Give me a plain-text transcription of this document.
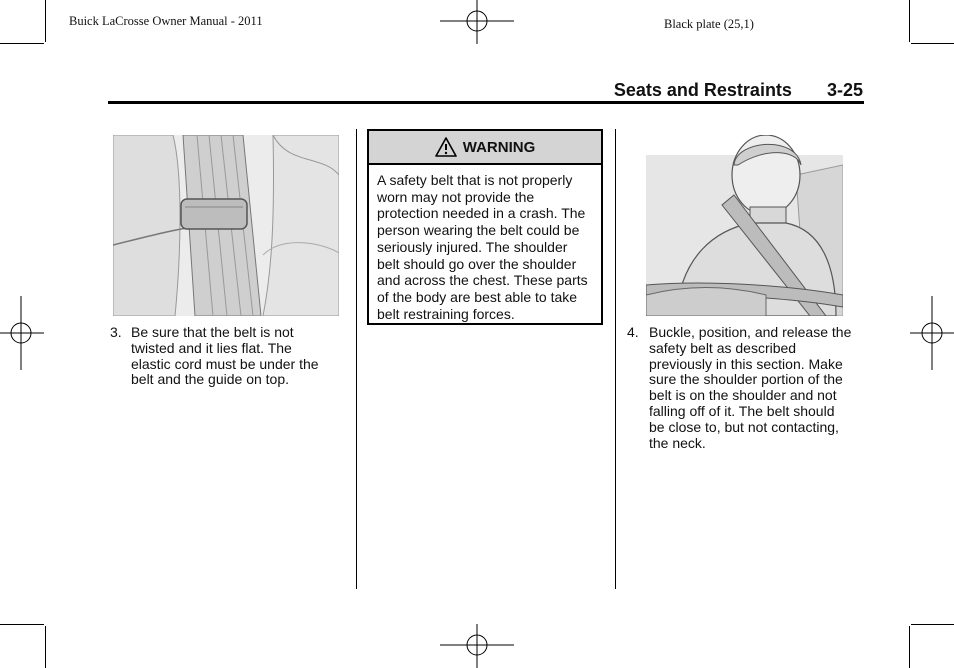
Buick LaCrosse Owner Manual - 2011	Black plate (25,1)
Seats and Restraints 3-25
3. Be sure that the belt is not
twisted and it lies flat. The
elastic cord must be under the
belt and the guide on top.
WARNING
A safety belt that is not properly
worn may not provide the
protection needed in a crash. The
person wearing the belt could be
seriously injured. The shoulder
belt should go over the shoulder
and across the chest. These parts
of the body are best able to take
belt restraining forces.
4. Buckle, position, and release the
safety belt as described
previously in this section. Make
sure the shoulder portion of the
belt is on the shoulder and not
falling off of it. The belt should
be close to, but not contacting,
the neck.
